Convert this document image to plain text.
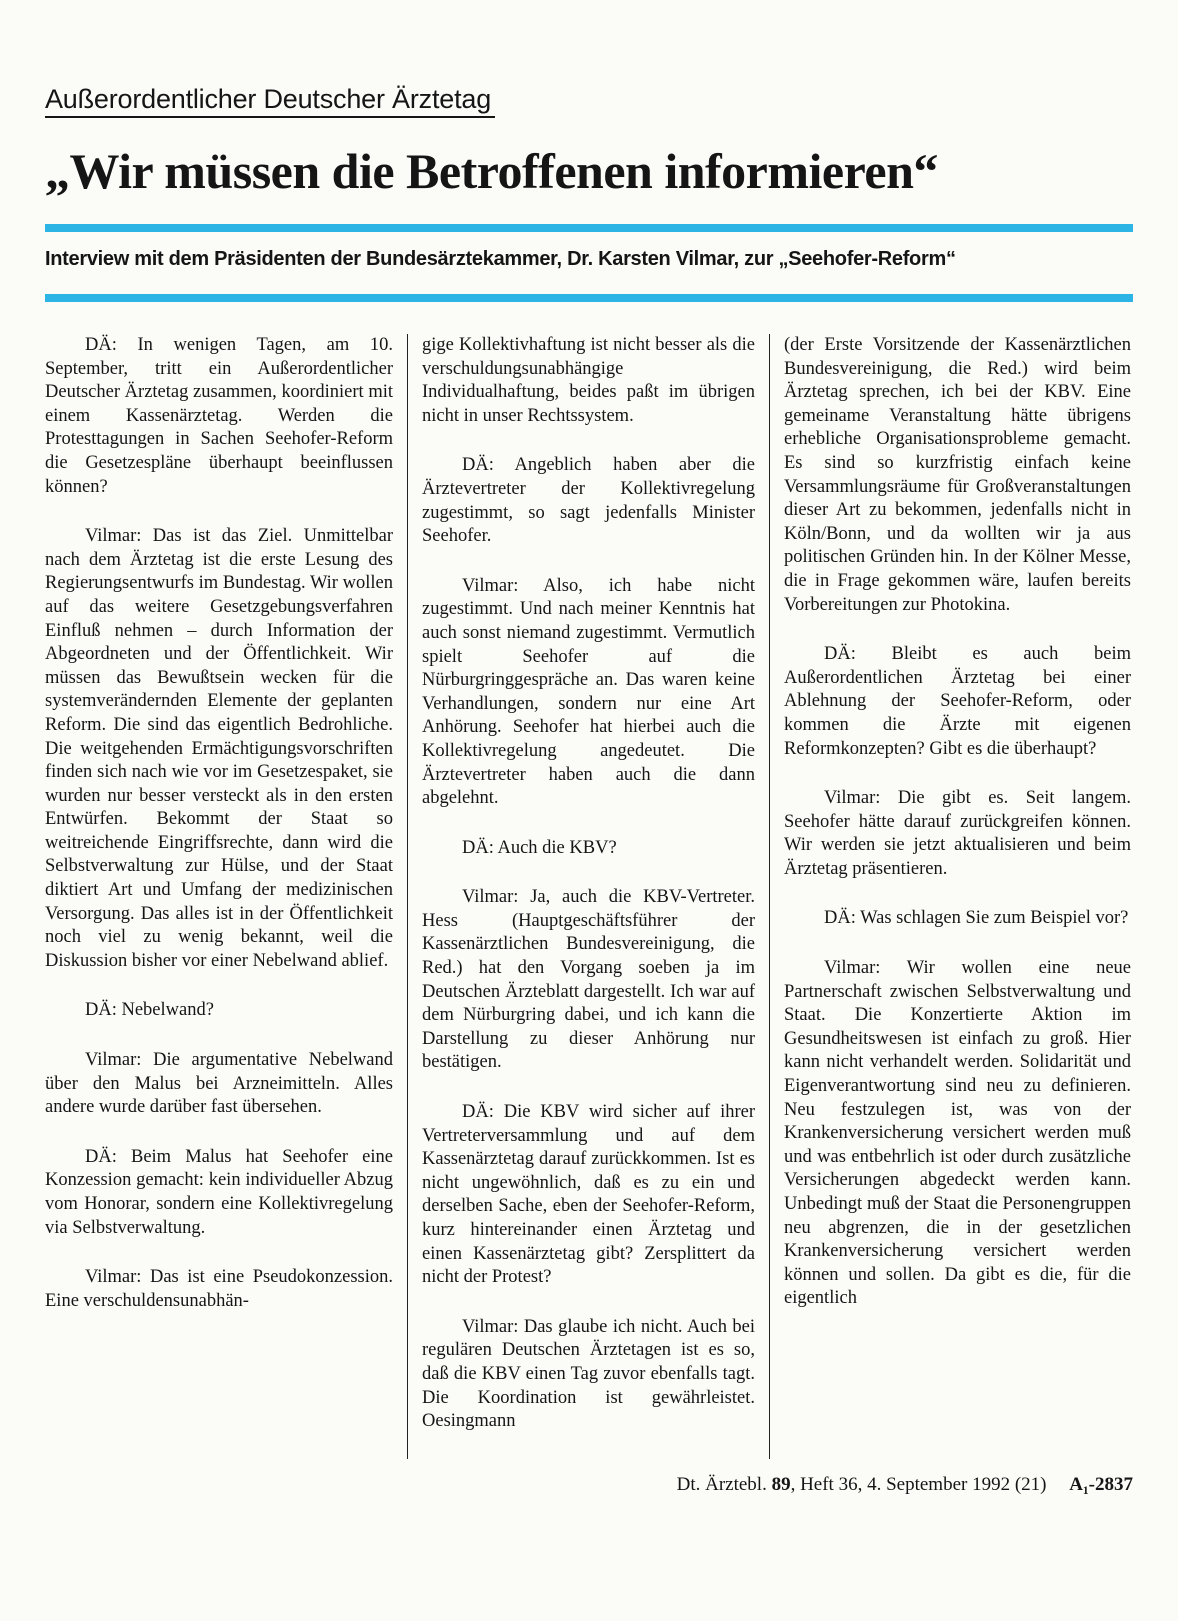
Außerordentlicher Deutscher Ärztetag
„Wir müssen die Betroffenen informieren“
Interview mit dem Präsidenten der Bundesärztekammer, Dr. Karsten Vilmar, zur „Seehofer-Reform“

DÄ: In wenigen Tagen, am 10. September, tritt ein Außerordentlicher Deutscher Ärztetag zusammen, koordiniert mit einem Kassenärztetag. Werden die Protesttagungen in Sachen Seehofer-Reform die Gesetzespläne überhaupt beeinflussen können?

Vilmar: Das ist das Ziel. Unmittelbar nach dem Ärztetag ist die erste Lesung des Regierungsentwurfs im Bundestag. Wir wollen auf das weitere Gesetzgebungsverfahren Einfluß nehmen – durch Information der Abgeordneten und der Öffentlichkeit. Wir müssen das Bewußtsein wecken für die systemverändernden Elemente der geplanten Reform. Die sind das eigentlich Bedrohliche. Die weitgehenden Ermächtigungsvorschriften finden sich nach wie vor im Gesetzespaket, sie wurden nur besser versteckt als in den ersten Entwürfen. Bekommt der Staat so weitreichende Eingriffsrechte, dann wird die Selbstverwaltung zur Hülse, und der Staat diktiert Art und Umfang der medizinischen Versorgung. Das alles ist in der Öffentlichkeit noch viel zu wenig bekannt, weil die Diskussion bisher vor einer Nebelwand ablief.

DÄ: Nebelwand?

Vilmar: Die argumentative Nebelwand über den Malus bei Arzneimitteln. Alles andere wurde darüber fast übersehen.

DÄ: Beim Malus hat Seehofer eine Konzession gemacht: kein individueller Abzug vom Honorar, sondern eine Kollektivregelung via Selbstverwaltung.

Vilmar: Das ist eine Pseudokonzession. Eine verschuldensunabhän-

gige Kollektivhaftung ist nicht besser als die verschuldungsunabhängige Individualhaftung, beides paßt im übrigen nicht in unser Rechtssystem.

DÄ: Angeblich haben aber die Ärztevertreter der Kollektivregelung zugestimmt, so sagt jedenfalls Minister Seehofer.

Vilmar: Also, ich habe nicht zugestimmt. Und nach meiner Kenntnis hat auch sonst niemand zugestimmt. Vermutlich spielt Seehofer auf die Nürburgringgespräche an. Das waren keine Verhandlungen, sondern nur eine Art Anhörung. Seehofer hat hierbei auch die Kollektivregelung angedeutet. Die Ärztevertreter haben auch die dann abgelehnt.

DÄ: Auch die KBV?

Vilmar: Ja, auch die KBV-Vertreter. Hess (Hauptgeschäftsführer der Kassenärztlichen Bundesvereinigung, die Red.) hat den Vorgang soeben ja im Deutschen Ärzteblatt dargestellt. Ich war auf dem Nürburgring dabei, und ich kann die Darstellung zu dieser Anhörung nur bestätigen.

DÄ: Die KBV wird sicher auf ihrer Vertreterversammlung und auf dem Kassenärztetag darauf zurückkommen. Ist es nicht ungewöhnlich, daß es zu ein und derselben Sache, eben der Seehofer-Reform, kurz hintereinander einen Ärztetag und einen Kassenärztetag gibt? Zersplittert da nicht der Protest?

Vilmar: Das glaube ich nicht. Auch bei regulären Deutschen Ärztetagen ist es so, daß die KBV einen Tag zuvor ebenfalls tagt. Die Koordination ist gewährleistet. Oesingmann

(der Erste Vorsitzende der Kassenärztlichen Bundesvereinigung, die Red.) wird beim Ärztetag sprechen, ich bei der KBV. Eine gemeiname Veranstaltung hätte übrigens erhebliche Organisationsprobleme gemacht. Es sind so kurzfristig einfach keine Versammlungsräume für Großveranstaltungen dieser Art zu bekommen, jedenfalls nicht in Köln/Bonn, und da wollten wir ja aus politischen Gründen hin. In der Kölner Messe, die in Frage gekommen wäre, laufen bereits Vorbereitungen zur Photokina.

DÄ: Bleibt es auch beim Außerordentlichen Ärztetag bei einer Ablehnung der Seehofer-Reform, oder kommen die Ärzte mit eigenen Reformkonzepten? Gibt es die überhaupt?

Vilmar: Die gibt es. Seit langem. Seehofer hätte darauf zurückgreifen können. Wir werden sie jetzt aktualisieren und beim Ärztetag präsentieren.

DÄ: Was schlagen Sie zum Beispiel vor?

Vilmar: Wir wollen eine neue Partnerschaft zwischen Selbstverwaltung und Staat. Die Konzertierte Aktion im Gesundheitswesen ist einfach zu groß. Hier kann nicht verhandelt werden. Solidarität und Eigenverantwortung sind neu zu definieren. Neu festzulegen ist, was von der Krankenversicherung versichert werden muß und was entbehrlich ist oder durch zusätzliche Versicherungen abgedeckt werden kann. Unbedingt muß der Staat die Personengruppen neu abgrenzen, die in der gesetzlichen Krankenversicherung versichert werden können und sollen. Da gibt es die, für die eigentlich

Dt. Ärztebl. 89, Heft 36, 4. September 1992 (21) A₁-2837
